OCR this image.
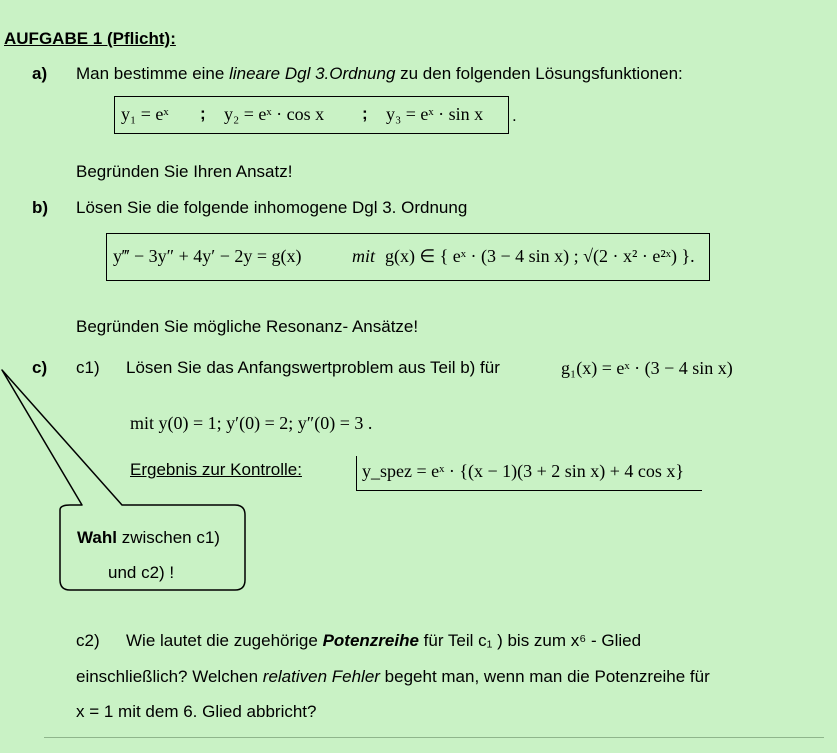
AUFGABE 1 (Pflicht):
a) Man bestimme eine lineare Dgl 3.Ordnung zu den folgenden Lösungsfunktionen:
y₁ = eˣ ; y₂ = eˣ · cos x ; y₃ = eˣ · sin x .
Begründen Sie Ihren Ansatz!
b) Lösen Sie die folgende inhomogene Dgl 3. Ordnung
y‴ − 3y″ + 4y′ − 2y = g(x)	mit g(x) ∈ { eˣ · (3 − 4 sin x) ; √(2 · x² · e²ˣ) }.
Begründen Sie mögliche Resonanz- Ansätze!
c) c1) Lösen Sie das Anfangswertproblem aus Teil b) für	g₁(x) = eˣ · (3 − 4 sin x)
mit y(0) = 1; y′(0) = 2; y″(0) = 3 .
Ergebnis zur Kontrolle:	y_spez = eˣ · {(x − 1)(3 + 2 sin x) + 4 cos x}
Wahl zwischen c1)
und c2) !
c2) Wie lautet die zugehörige Potenzreihe für Teil c₁ ) bis zum x⁶ - Glied
einschließlich? Welchen relativen Fehler begeht man, wenn man die Potenzreihe für
x = 1 mit dem 6. Glied abbricht?
